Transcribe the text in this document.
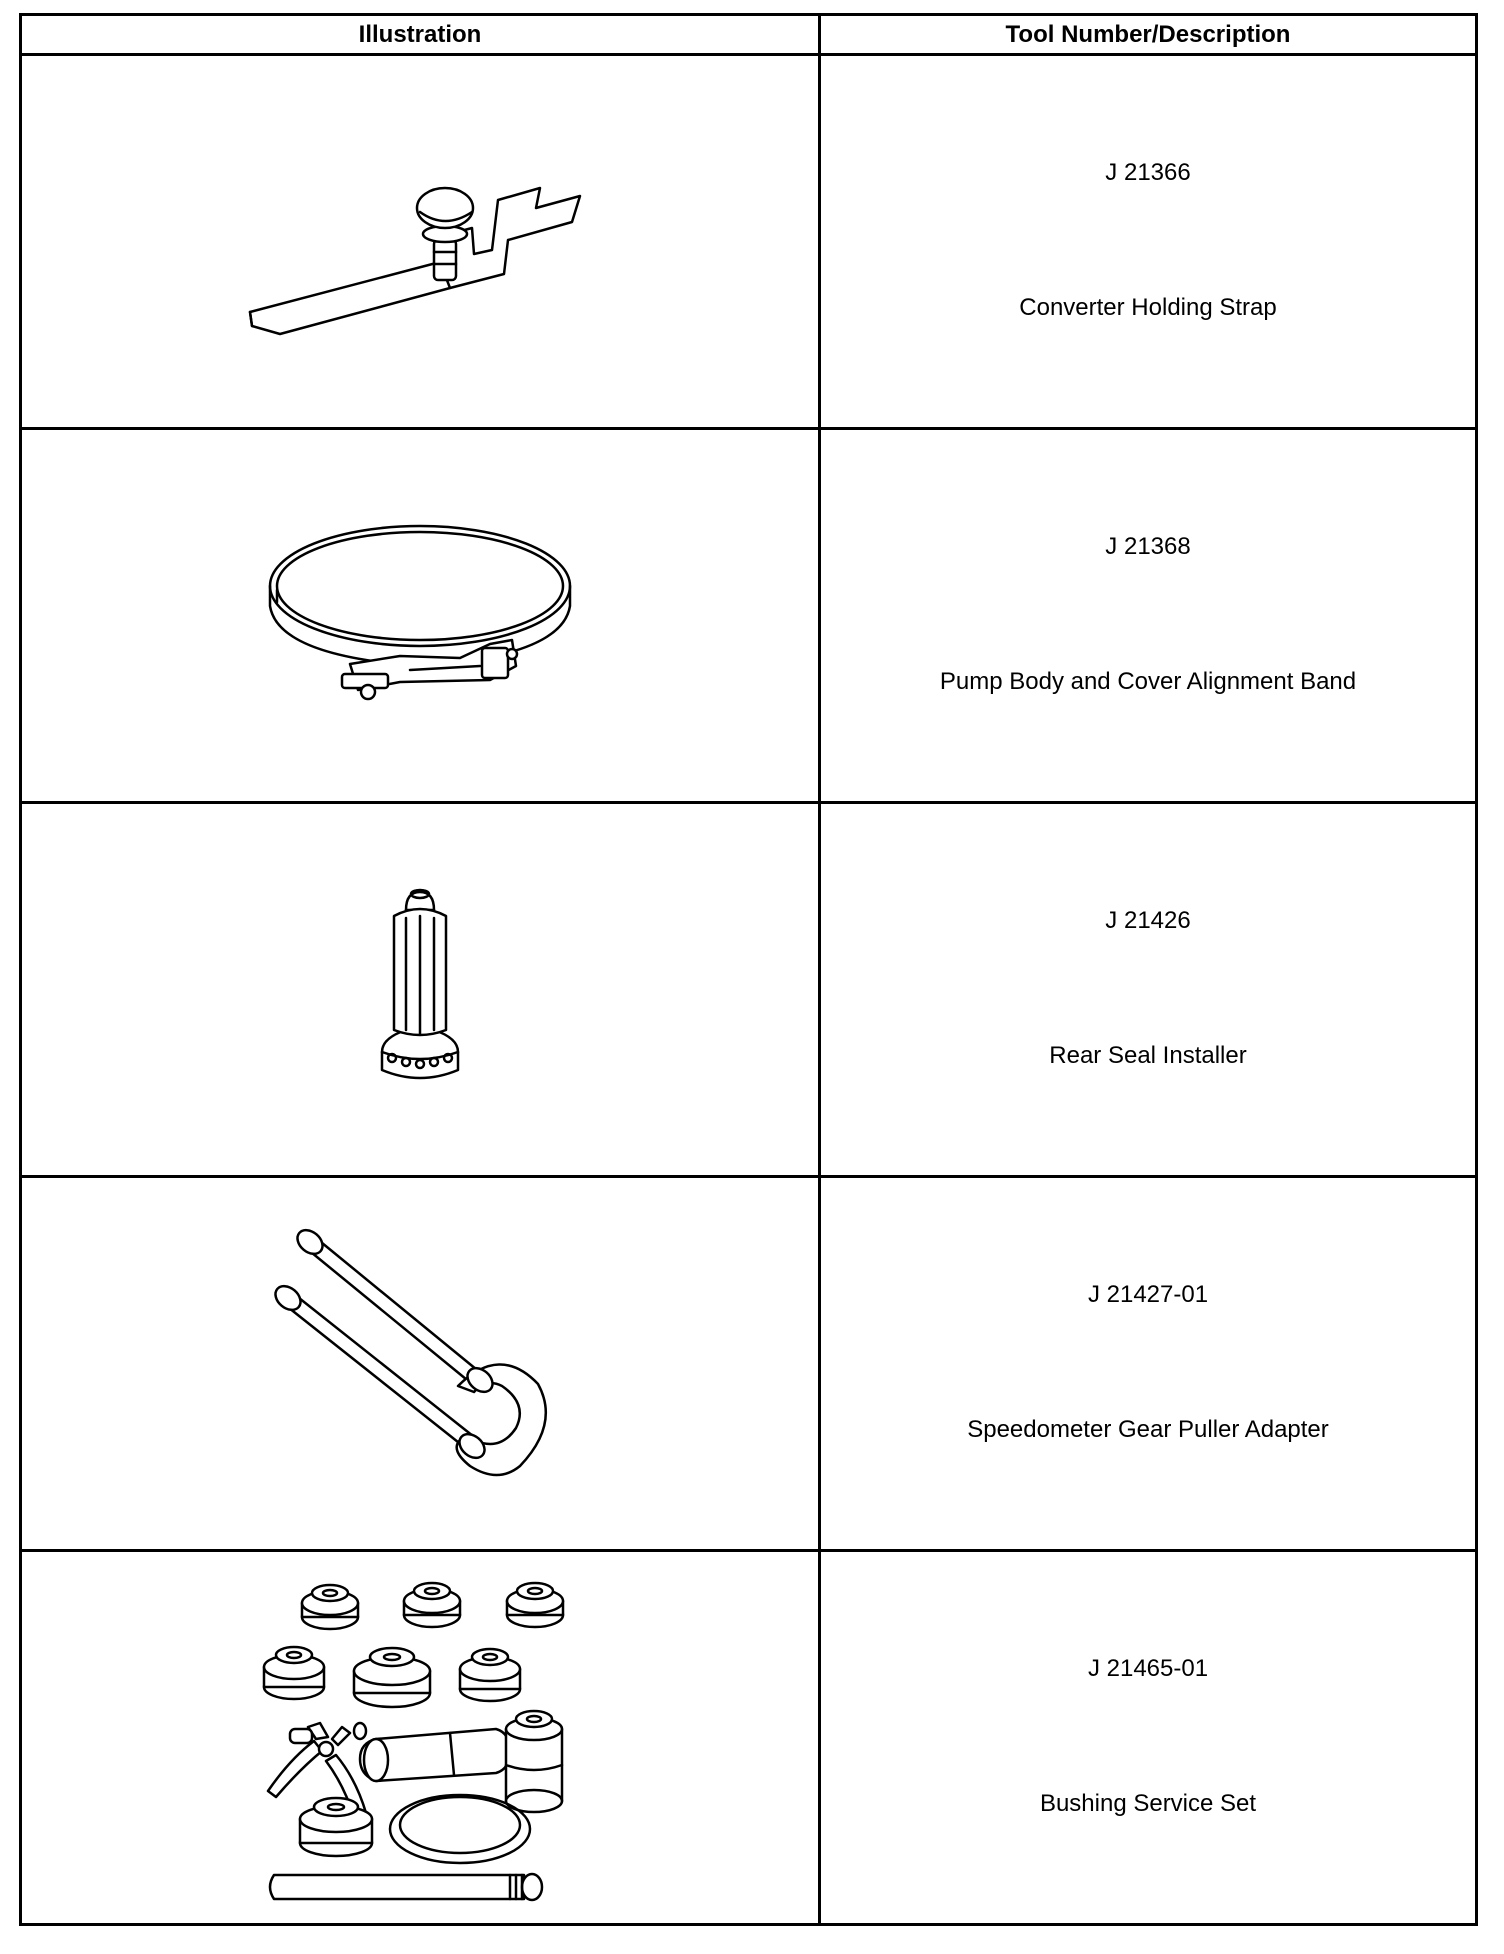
Illustration	Tool Number/Description

J 21366
Converter Holding Strap

J 21368
Pump Body and Cover Alignment Band

J 21426
Rear Seal Installer

J 21427-01
Speedometer Gear Puller Adapter

J 21465-01
Bushing Service Set
